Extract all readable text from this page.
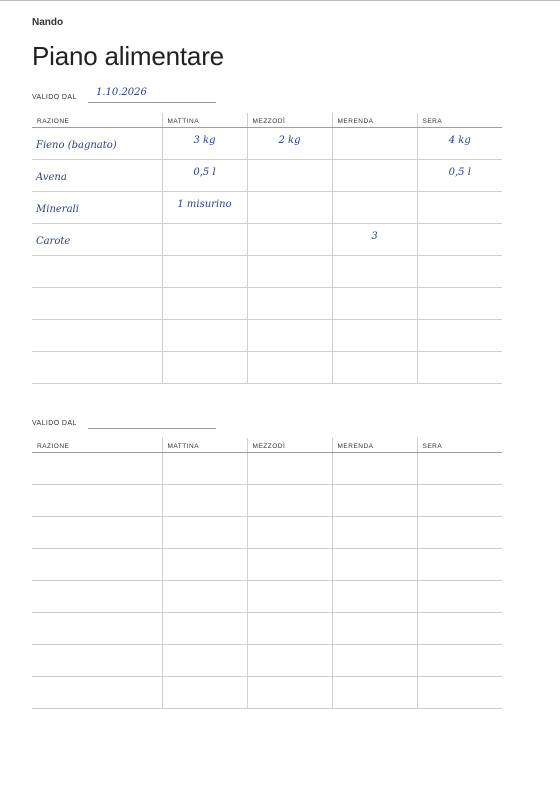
Nando
Piano alimentare
VALIDO DAL 1.10.2026
RAZIONE	MATTINA	MEZZODÌ	MERENDA	SERA
Fieno (bagnato)	3 kg	2 kg		4 kg
Avena	0,5 l			0,5 l
Minerali	1 misurino			
Carote			3	

VALIDO DAL
RAZIONE	MATTINA	MEZZODÌ	MERENDA	SERA
